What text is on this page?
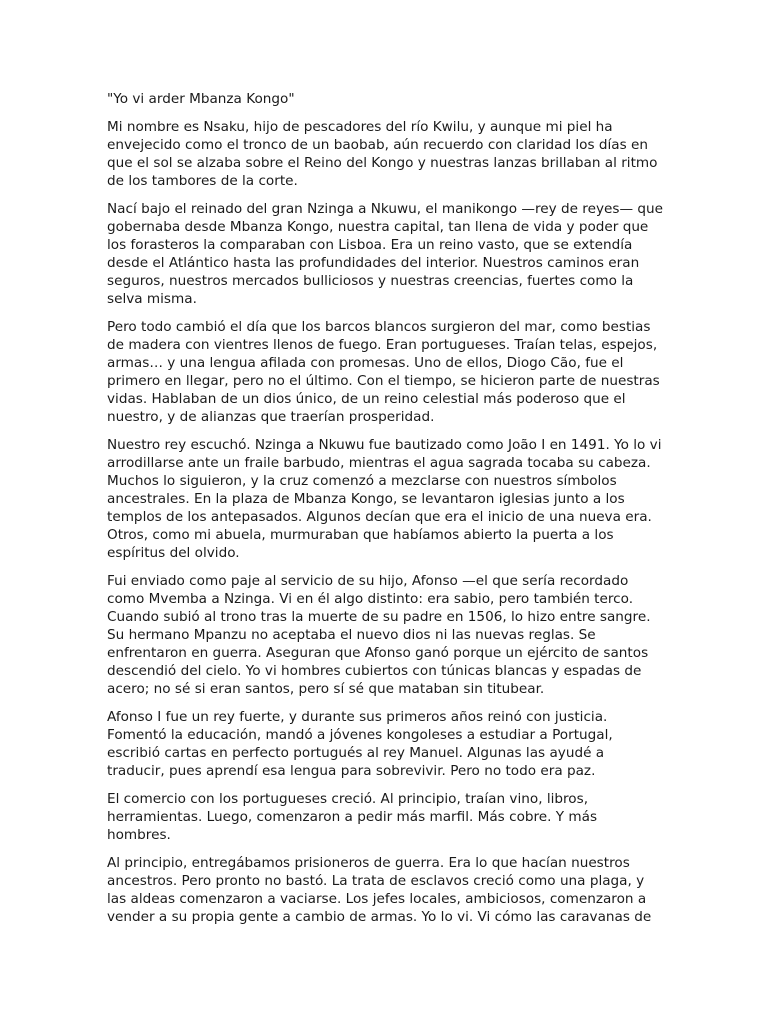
"Yo vi arder Mbanza Kongo"

Mi nombre es Nsaku, hijo de pescadores del río Kwilu, y aunque mi piel ha envejecido como el tronco de un baobab, aún recuerdo con claridad los días en que el sol se alzaba sobre el Reino del Kongo y nuestras lanzas brillaban al ritmo de los tambores de la corte.

Nací bajo el reinado del gran Nzinga a Nkuwu, el manikongo —rey de reyes— que gobernaba desde Mbanza Kongo, nuestra capital, tan llena de vida y poder que los forasteros la comparaban con Lisboa. Era un reino vasto, que se extendía desde el Atlántico hasta las profundidades del interior. Nuestros caminos eran seguros, nuestros mercados bulliciosos y nuestras creencias, fuertes como la selva misma.

Pero todo cambió el día que los barcos blancos surgieron del mar, como bestias de madera con vientres llenos de fuego. Eran portugueses. Traían telas, espejos, armas… y una lengua afilada con promesas. Uno de ellos, Diogo Cão, fue el primero en llegar, pero no el último. Con el tiempo, se hicieron parte de nuestras vidas. Hablaban de un dios único, de un reino celestial más poderoso que el nuestro, y de alianzas que traerían prosperidad.

Nuestro rey escuchó. Nzinga a Nkuwu fue bautizado como João I en 1491. Yo lo vi arrodillarse ante un fraile barbudo, mientras el agua sagrada tocaba su cabeza. Muchos lo siguieron, y la cruz comenzó a mezclarse con nuestros símbolos ancestrales. En la plaza de Mbanza Kongo, se levantaron iglesias junto a los templos de los antepasados. Algunos decían que era el inicio de una nueva era. Otros, como mi abuela, murmuraban que habíamos abierto la puerta a los espíritus del olvido.

Fui enviado como paje al servicio de su hijo, Afonso —el que sería recordado como Mvemba a Nzinga. Vi en él algo distinto: era sabio, pero también terco. Cuando subió al trono tras la muerte de su padre en 1506, lo hizo entre sangre. Su hermano Mpanzu no aceptaba el nuevo dios ni las nuevas reglas. Se enfrentaron en guerra. Aseguran que Afonso ganó porque un ejército de santos descendió del cielo. Yo vi hombres cubiertos con túnicas blancas y espadas de acero; no sé si eran santos, pero sí sé que mataban sin titubear.

Afonso I fue un rey fuerte, y durante sus primeros años reinó con justicia. Fomentó la educación, mandó a jóvenes kongoleses a estudiar a Portugal, escribió cartas en perfecto portugués al rey Manuel. Algunas las ayudé a traducir, pues aprendí esa lengua para sobrevivir. Pero no todo era paz.

El comercio con los portugueses creció. Al principio, traían vino, libros, herramientas. Luego, comenzaron a pedir más marfil. Más cobre. Y más hombres.

Al principio, entregábamos prisioneros de guerra. Era lo que hacían nuestros ancestros. Pero pronto no bastó. La trata de esclavos creció como una plaga, y las aldeas comenzaron a vaciarse. Los jefes locales, ambiciosos, comenzaron a vender a su propia gente a cambio de armas. Yo lo vi. Vi cómo las caravanas de
